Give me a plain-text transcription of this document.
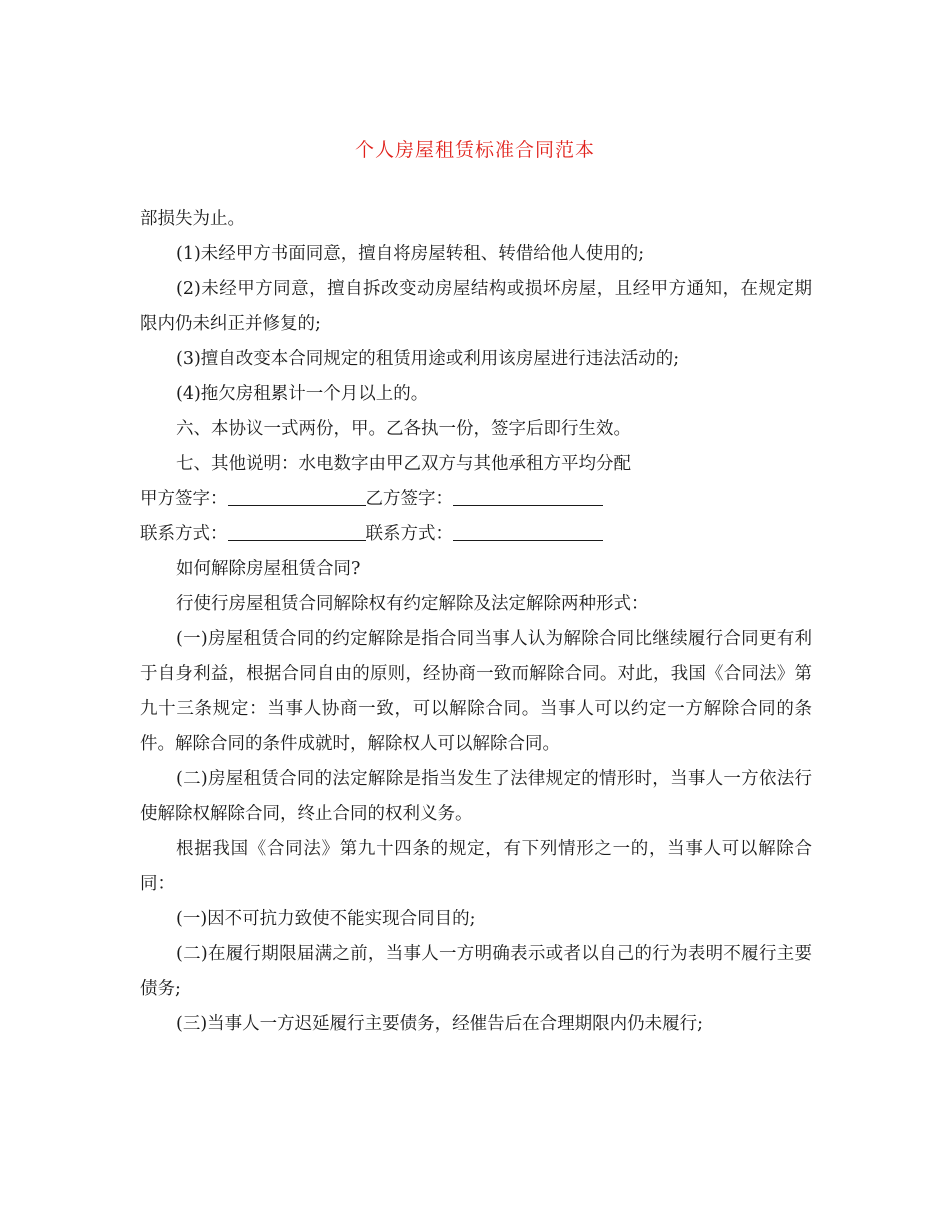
个人房屋租赁标准合同范本

部损失为止。

(1)未经甲方书面同意，擅自将房屋转租、转借给他人使用的;

(2)未经甲方同意，擅自拆改变动房屋结构或损坏房屋，且经甲方通知，在规定期限内仍未纠正并修复的;

(3)擅自改变本合同规定的租赁用途或利用该房屋进行违法活动的;

(4)拖欠房租累计一个月以上的。

六、本协议一式两份，甲。乙各执一份，签字后即行生效。

七、其他说明：水电数字由甲乙双方与其他承租方平均分配

甲方签字：	乙方签字：

联系方式：	联系方式：

如何解除房屋租赁合同?

行使行房屋租赁合同解除权有约定解除及法定解除两种形式：

(一)房屋租赁合同的约定解除是指合同当事人认为解除合同比继续履行合同更有利于自身利益，根据合同自由的原则，经协商一致而解除合同。对此，我国《合同法》第九十三条规定：当事人协商一致，可以解除合同。当事人可以约定一方解除合同的条件。解除合同的条件成就时，解除权人可以解除合同。

(二)房屋租赁合同的法定解除是指当发生了法律规定的情形时，当事人一方依法行使解除权解除合同，终止合同的权利义务。

根据我国《合同法》第九十四条的规定，有下列情形之一的，当事人可以解除合同：

(一)因不可抗力致使不能实现合同目的;

(二)在履行期限届满之前，当事人一方明确表示或者以自己的行为表明不履行主要债务;

(三)当事人一方迟延履行主要债务，经催告后在合理期限内仍未履行;
